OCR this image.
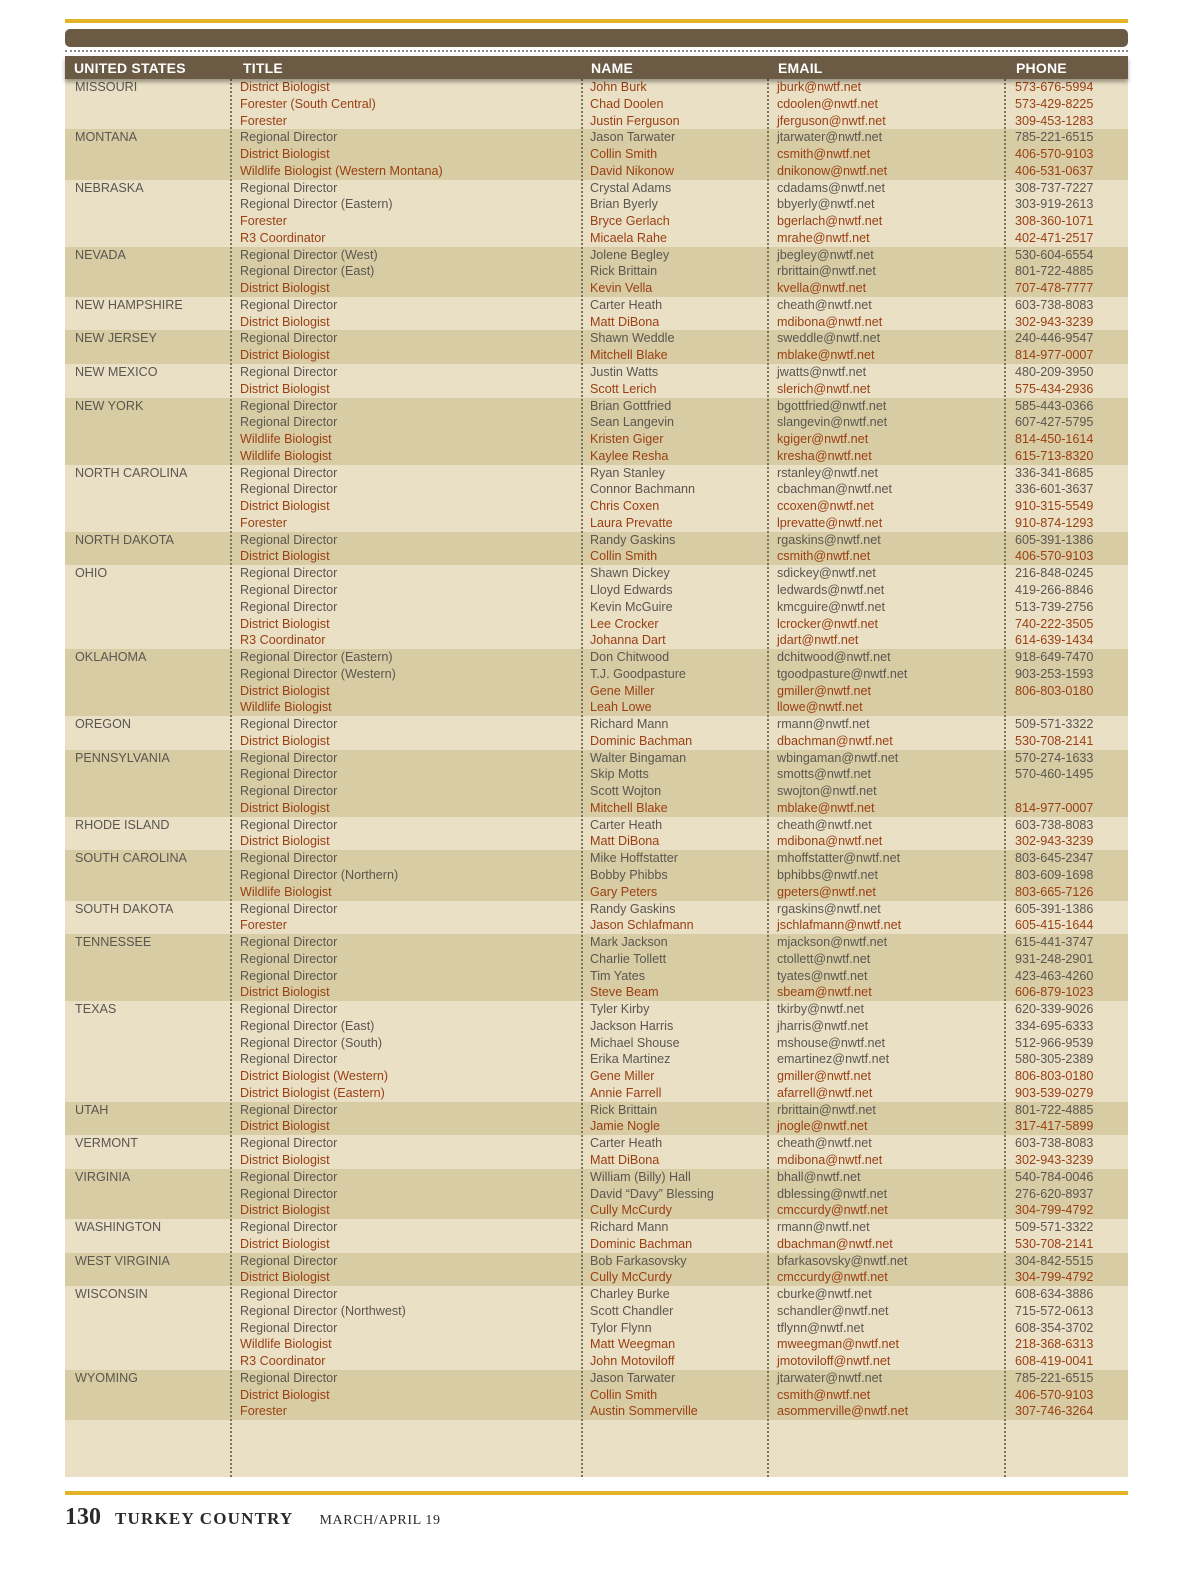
UNITED STATES	TITLE	NAME	EMAIL	PHONE
MISSOURI	District Biologist	John Burk	jburk@nwtf.net	573-676-5994
Forester (South Central)	Chad Doolen	cdoolen@nwtf.net	573-429-8225
Forester	Justin Ferguson	jferguson@nwtf.net	309-453-1283
MONTANA	Regional Director	Jason Tarwater	jtarwater@nwtf.net	785-221-6515
District Biologist	Collin Smith	csmith@nwtf.net	406-570-9103
Wildlife Biologist (Western Montana)	David Nikonow	dnikonow@nwtf.net	406-531-0637
NEBRASKA	Regional Director	Crystal Adams	cdadams@nwtf.net	308-737-7227
Regional Director (Eastern)	Brian Byerly	bbyerly@nwtf.net	303-919-2613
Forester	Bryce Gerlach	bgerlach@nwtf.net	308-360-1071
R3 Coordinator	Micaela Rahe	mrahe@nwtf.net	402-471-2517
NEVADA	Regional Director (West)	Jolene Begley	jbegley@nwtf.net	530-604-6554
Regional Director (East)	Rick Brittain	rbrittain@nwtf.net	801-722-4885
District Biologist	Kevin Vella	kvella@nwtf.net	707-478-7777
NEW HAMPSHIRE	Regional Director	Carter Heath	cheath@nwtf.net	603-738-8083
District Biologist	Matt DiBona	mdibona@nwtf.net	302-943-3239
NEW JERSEY	Regional Director	Shawn Weddle	sweddle@nwtf.net	240-446-9547
District Biologist	Mitchell Blake	mblake@nwtf.net	814-977-0007
NEW MEXICO	Regional Director	Justin Watts	jwatts@nwtf.net	480-209-3950
District Biologist	Scott Lerich	slerich@nwtf.net	575-434-2936
NEW YORK	Regional Director	Brian Gottfried	bgottfried@nwtf.net	585-443-0366
Regional Director	Sean Langevin	slangevin@nwtf.net	607-427-5795
Wildlife Biologist	Kristen Giger	kgiger@nwtf.net	814-450-1614
Wildlife Biologist	Kaylee Resha	kresha@nwtf.net	615-713-8320
NORTH CAROLINA	Regional Director	Ryan Stanley	rstanley@nwtf.net	336-341-8685
Regional Director	Connor Bachmann	cbachman@nwtf.net	336-601-3637
District Biologist	Chris Coxen	ccoxen@nwtf.net	910-315-5549
Forester	Laura Prevatte	lprevatte@nwtf.net	910-874-1293
NORTH DAKOTA	Regional Director	Randy Gaskins	rgaskins@nwtf.net	605-391-1386
District Biologist	Collin Smith	csmith@nwtf.net	406-570-9103
OHIO	Regional Director	Shawn Dickey	sdickey@nwtf.net	216-848-0245
Regional Director	Lloyd Edwards	ledwards@nwtf.net	419-266-8846
Regional Director	Kevin McGuire	kmcguire@nwtf.net	513-739-2756
District Biologist	Lee Crocker	lcrocker@nwtf.net	740-222-3505
R3 Coordinator	Johanna Dart	jdart@nwtf.net	614-639-1434
OKLAHOMA	Regional Director (Eastern)	Don Chitwood	dchitwood@nwtf.net	918-649-7470
Regional Director (Western)	T.J. Goodpasture	tgoodpasture@nwtf.net	903-253-1593
District Biologist	Gene Miller	gmiller@nwtf.net	806-803-0180
Wildlife Biologist	Leah Lowe	llowe@nwtf.net
OREGON	Regional Director	Richard Mann	rmann@nwtf.net	509-571-3322
District Biologist	Dominic Bachman	dbachman@nwtf.net	530-708-2141
PENNSYLVANIA	Regional Director	Walter Bingaman	wbingaman@nwtf.net	570-274-1633
Regional Director	Skip Motts	smotts@nwtf.net	570-460-1495
Regional Director	Scott Wojton	swojton@nwtf.net
District Biologist	Mitchell Blake	mblake@nwtf.net	814-977-0007
RHODE ISLAND	Regional Director	Carter Heath	cheath@nwtf.net	603-738-8083
District Biologist	Matt DiBona	mdibona@nwtf.net	302-943-3239
SOUTH CAROLINA	Regional Director	Mike Hoffstatter	mhoffstatter@nwtf.net	803-645-2347
Regional Director (Northern)	Bobby Phibbs	bphibbs@nwtf.net	803-609-1698
Wildlife Biologist	Gary Peters	gpeters@nwtf.net	803-665-7126
SOUTH DAKOTA	Regional Director	Randy Gaskins	rgaskins@nwtf.net	605-391-1386
Forester	Jason Schlafmann	jschlafmann@nwtf.net	605-415-1644
TENNESSEE	Regional Director	Mark Jackson	mjackson@nwtf.net	615-441-3747
Regional Director	Charlie Tollett	ctollett@nwtf.net	931-248-2901
Regional Director	Tim Yates	tyates@nwtf.net	423-463-4260
District Biologist	Steve Beam	sbeam@nwtf.net	606-879-1023
TEXAS	Regional Director	Tyler Kirby	tkirby@nwtf.net	620-339-9026
Regional Director (East)	Jackson Harris	jharris@nwtf.net	334-695-6333
Regional Director (South)	Michael Shouse	mshouse@nwtf.net	512-966-9539
Regional Director	Erika Martinez	emartinez@nwtf.net	580-305-2389
District Biologist (Western)	Gene Miller	gmiller@nwtf.net	806-803-0180
District Biologist (Eastern)	Annie Farrell	afarrell@nwtf.net	903-539-0279
UTAH	Regional Director	Rick Brittain	rbrittain@nwtf.net	801-722-4885
District Biologist	Jamie Nogle	jnogle@nwtf.net	317-417-5899
VERMONT	Regional Director	Carter Heath	cheath@nwtf.net	603-738-8083
District Biologist	Matt DiBona	mdibona@nwtf.net	302-943-3239
VIRGINIA	Regional Director	William (Billy) Hall	bhall@nwtf.net	540-784-0046
Regional Director	David “Davy” Blessing	dblessing@nwtf.net	276-620-8937
District Biologist	Cully McCurdy	cmccurdy@nwtf.net	304-799-4792
WASHINGTON	Regional Director	Richard Mann	rmann@nwtf.net	509-571-3322
District Biologist	Dominic Bachman	dbachman@nwtf.net	530-708-2141
WEST VIRGINIA	Regional Director	Bob Farkasovsky	bfarkasovsky@nwtf.net	304-842-5515
District Biologist	Cully McCurdy	cmccurdy@nwtf.net	304-799-4792
WISCONSIN	Regional Director	Charley Burke	cburke@nwtf.net	608-634-3886
Regional Director (Northwest)	Scott Chandler	schandler@nwtf.net	715-572-0613
Regional Director	Tylor Flynn	tflynn@nwtf.net	608-354-3702
Wildlife Biologist	Matt Weegman	mweegman@nwtf.net	218-368-6313
R3 Coordinator	John Motoviloff	jmotoviloff@nwtf.net	608-419-0041
WYOMING	Regional Director	Jason Tarwater	jtarwater@nwtf.net	785-221-6515
District Biologist	Collin Smith	csmith@nwtf.net	406-570-9103
Forester	Austin Sommerville	asommerville@nwtf.net	307-746-3264
130 TURKEY COUNTRY MARCH/APRIL 19
